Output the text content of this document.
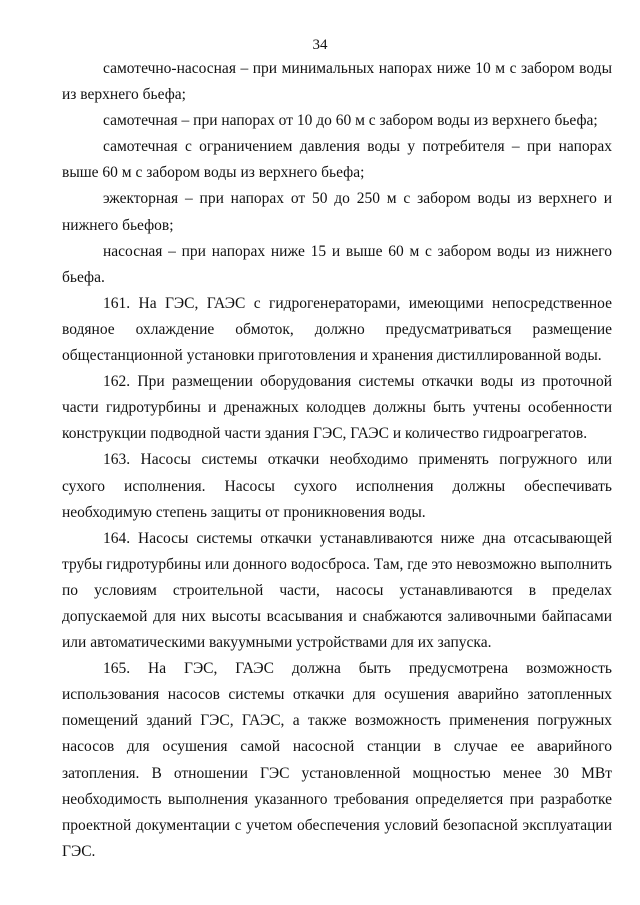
34

самотечно-насосная – при минимальных напорах ниже 10 м с забором воды из верхнего бьефа;

самотечная – при напорах от 10 до 60 м с забором воды из верхнего бьефа;

самотечная с ограничением давления воды у потребителя – при напорах выше 60 м с забором воды из верхнего бьефа;

эжекторная – при напорах от 50 до 250 м с забором воды из верхнего и нижнего бьефов;

насосная – при напорах ниже 15 и выше 60 м с забором воды из нижнего бьефа.

161. На ГЭС, ГАЭС с гидрогенераторами, имеющими непосредственное водяное охлаждение обмоток, должно предусматриваться размещение общестанционной установки приготовления и хранения дистиллированной воды.

162. При размещении оборудования системы откачки воды из проточной части гидротурбины и дренажных колодцев должны быть учтены особенности конструкции подводной части здания ГЭС, ГАЭС и количество гидроагрегатов.

163. Насосы системы откачки необходимо применять погружного или сухого исполнения. Насосы сухого исполнения должны обеспечивать необходимую степень защиты от проникновения воды.

164. Насосы системы откачки устанавливаются ниже дна отсасывающей трубы гидротурбины или донного водосброса. Там, где это невозможно выполнить по условиям строительной части, насосы устанавливаются в пределах допускаемой для них высоты всасывания и снабжаются заливочными байпасами или автоматическими вакуумными устройствами для их запуска.

165. На ГЭС, ГАЭС должна быть предусмотрена возможность использования насосов системы откачки для осушения аварийно затопленных помещений зданий ГЭС, ГАЭС, а также возможность применения погружных насосов для осушения самой насосной станции в случае ее аварийного затопления. В отношении ГЭС установленной мощностью менее 30 МВт необходимость выполнения указанного требования определяется при разработке проектной документации с учетом обеспечения условий безопасной эксплуатации ГЭС.
